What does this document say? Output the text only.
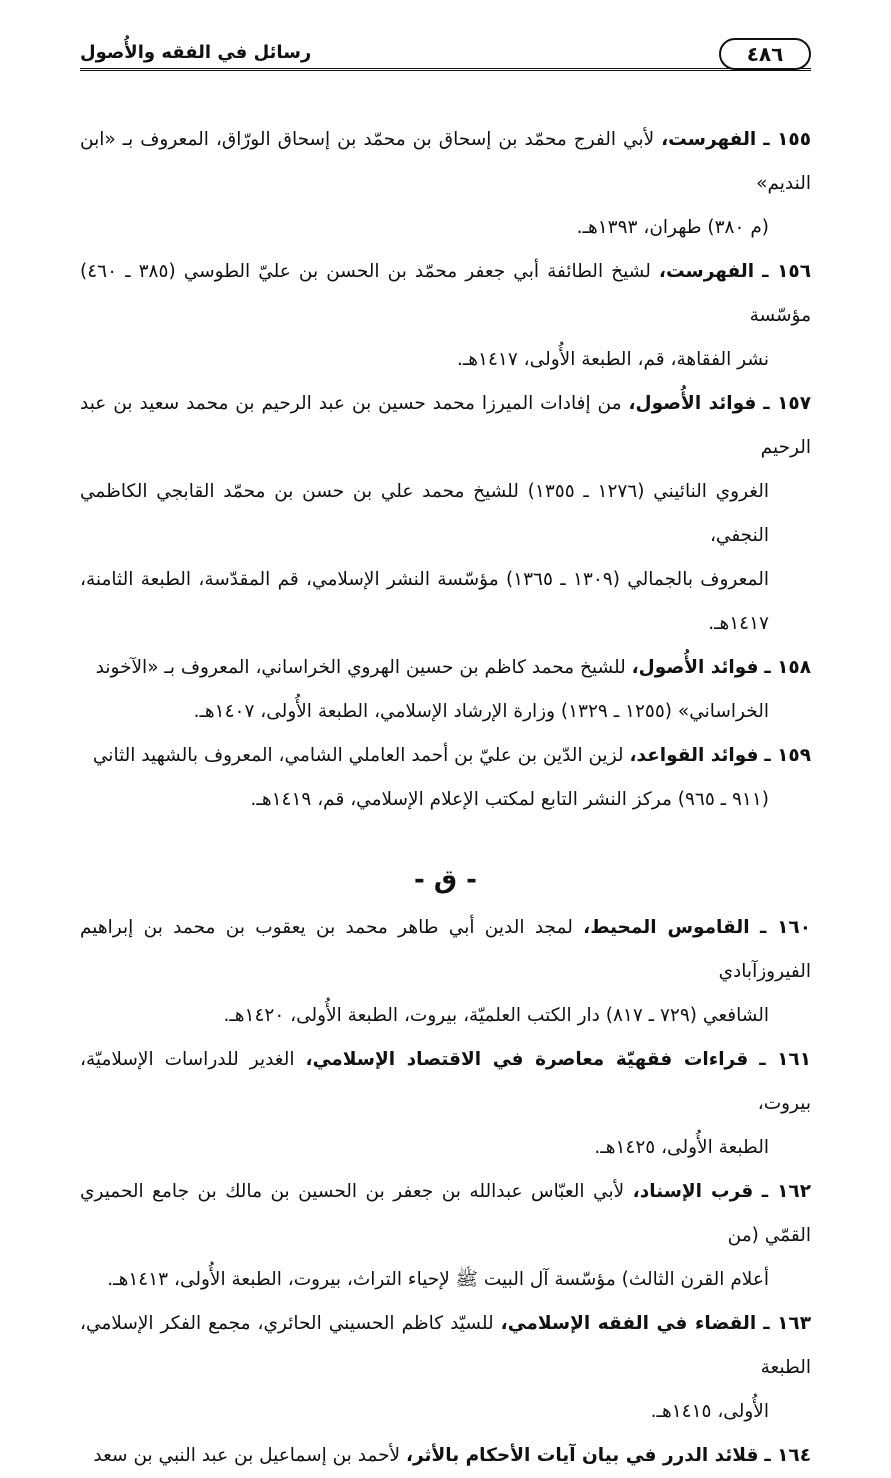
رسائل في الفقه والأُصول	٤٨٦

١٥٥ ـ الفهرست، لأبي الفرج محمّد بن إسحاق بن محمّد بن إسحاق الورّاق، المعروف بـ «ابن النديم»
(م ٣٨٠) طهران، ١٣٩٣هـ.

١٥٦ ـ الفهرست، لشيخ الطائفة أبي جعفر محمّد بن الحسن بن عليّ الطوسي (٣٨٥ ـ ٤٦٠) مؤسّسة
نشر الفقاهة، قم، الطبعة الأُولى، ١٤١٧هـ.

١٥٧ ـ فوائد الأُصول، من إفادات الميرزا محمد حسين بن عبد الرحيم بن محمد سعيد بن عبد الرحيم
الغروي النائيني (١٢٧٦ ـ ١٣٥٥) للشيخ محمد علي بن حسن بن محمّد القابجي الكاظمي النجفي،
المعروف بالجمالي (١٣٠٩ ـ ١٣٦٥) مؤسّسة النشر الإسلامي، قم المقدّسة، الطبعة الثامنة، ١٤١٧هـ.

١٥٨ ـ فوائد الأُصول، للشيخ محمد كاظم بن حسين الهروي الخراساني، المعروف بـ «الآخوند
الخراساني» (١٢٥٥ ـ ١٣٢٩) وزارة الإرشاد الإسلامي، الطبعة الأُولى، ١٤٠٧هـ.

١٥٩ ـ فوائد القواعد، لزين الدّين بن عليّ بن أحمد العاملي الشامي، المعروف بالشهيد الثاني
(٩١١ ـ ٩٦٥) مركز النشر التابع لمكتب الإعلام الإسلامي، قم، ١٤١٩هـ.

- ق -

١٦٠ ـ القاموس المحيط، لمجد الدين أبي طاهر محمد بن يعقوب بن محمد بن إبراهيم الفيروزآبادي
الشافعي (٧٢٩ ـ ٨١٧) دار الكتب العلميّة، بيروت، الطبعة الأُولى، ١٤٢٠هـ.

١٦١ ـ قراءات فقهيّة معاصرة في الاقتصاد الإسلامي، الغدير للدراسات الإسلاميّة، بيروت،
الطبعة الأُولى، ١٤٢٥هـ.

١٦٢ ـ قرب الإسناد، لأبي العبّاس عبدالله بن جعفر بن الحسين بن مالك بن جامع الحميري القمّي (من
أعلام القرن الثالث) مؤسّسة آل البيت ﷺ لإحياء التراث، بيروت، الطبعة الأُولى، ١٤١٣هـ.

١٦٣ ـ القضاء في الفقه الإسلامي، للسيّد كاظم الحسيني الحائري، مجمع الفكر الإسلامي، الطبعة
الأُولى، ١٤١٥هـ.

١٦٤ ـ قلائد الدرر في بيان آيات الأحكام بالأثر، لأحمد بن إسماعيل بن عبد النبي بن سعد
